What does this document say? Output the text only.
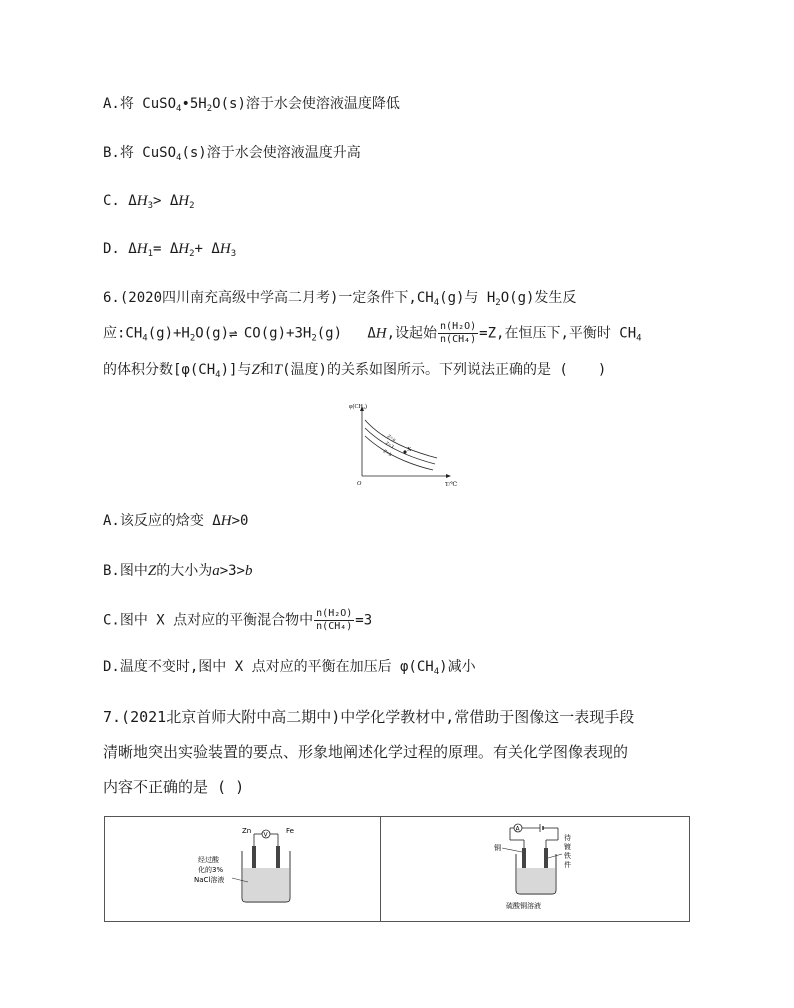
A.将 $CuSO_4•5H_2O(s)$溶于水会使溶液温度降低
B.将 CuSO$_4$(s)溶于水会使溶液温度升高
C. $\Delta H_3> \Delta H_2$
D. $\Delta H_1= \Delta H_2+ \Delta H_3$
6.(2020四川南充高级中学高二月考)一定条件下$,CH_4(g)$与 $H_2O(g)$发生反
应$:CH_4(g)+H_2O(g)\rightleftharpoons$ $CO(g)+3H_2(g)$   ΔH,设起始 $\frac{\text{n(H₂O)}}{\text{n(CH₄)}} =Z$,在恒压下,平衡时 $CH_4$
的体积分数$[\varphi(CH_4)]$与Z和T(温度)的关系如图所示。下列说法正确的是 ( )
X
φ(CH₄)
O	T/℃
Z=a
Z=3
Z=b
A.该反应的焓变 ΔH>0
B.图中Z的大小为a>3>b
C.图中 X 点对应的平衡混合物中 $\frac{\text{n(H₂O)}}{\text{n(CH₄)}} =3$
D.温度不变时,图中 X 点对应的平衡在加压后 $\varphi(CH_4)$减小
7.(2021北京首师大附中高二期中)中学化学教材中,常借助于图像这一表现手段
清晰地突出实验装置的要点、形象地阐述化学过程的原理。有关化学图像表现的
内容不正确的是 ( )
V
Zn	Fe
经过酸
化的3%
NaCl溶液
A
铜
待
镀
铁
件
硫酸铜溶液
